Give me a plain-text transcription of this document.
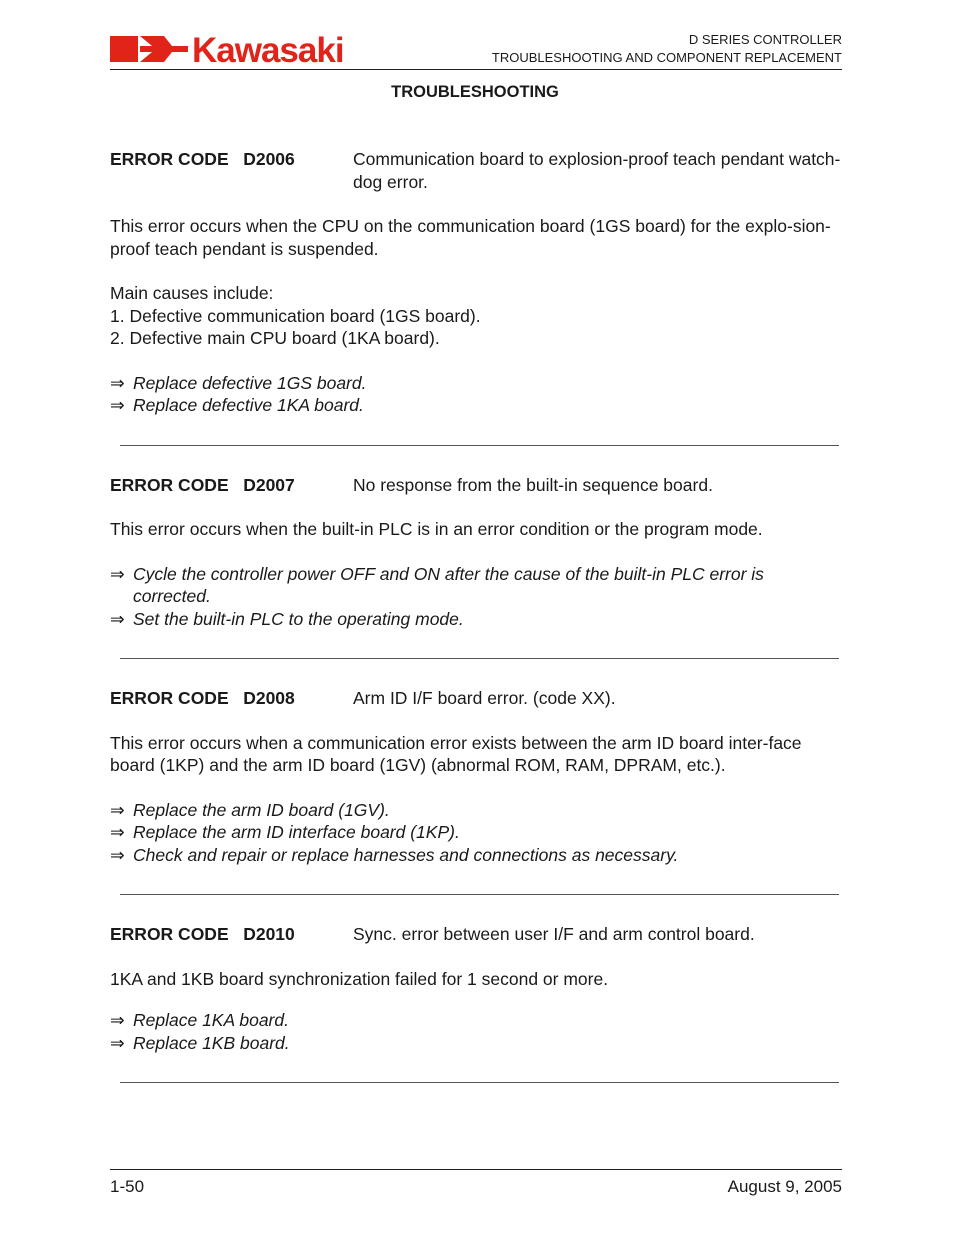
Kawasaki	D SERIES CONTROLLER
TROUBLESHOOTING AND COMPONENT REPLACEMENT
TROUBLESHOOTING
ERROR CODE   D2006	Communication board to explosion-proof teach pendant watch-dog error.
This error occurs when the CPU on the communication board (1GS board) for the explo-sion-proof teach pendant is suspended.
Main causes include:
1. Defective communication board (1GS board).
2. Defective main CPU board (1KA board).
⇒ Replace defective 1GS board.
⇒ Replace defective 1KA board.
ERROR CODE   D2007	No response from the built-in sequence board.
This error occurs when the built-in PLC is in an error condition or the program mode.
⇒ Cycle the controller power OFF and ON after the cause of the built-in PLC error is corrected.
⇒ Set the built-in PLC to the operating mode.
ERROR CODE   D2008	Arm ID I/F board error. (code XX).
This error occurs when a communication error exists between the arm ID board inter-face board (1KP) and the arm ID board (1GV) (abnormal ROM, RAM, DPRAM, etc.).
⇒ Replace the arm ID board (1GV).
⇒ Replace the arm ID interface board (1KP).
⇒ Check and repair or replace harnesses and connections as necessary.
ERROR CODE   D2010	Sync. error between user I/F and arm control board.
1KA and 1KB board synchronization failed for 1 second or more.
⇒ Replace 1KA board.
⇒ Replace 1KB board.
1-50	August 9, 2005
